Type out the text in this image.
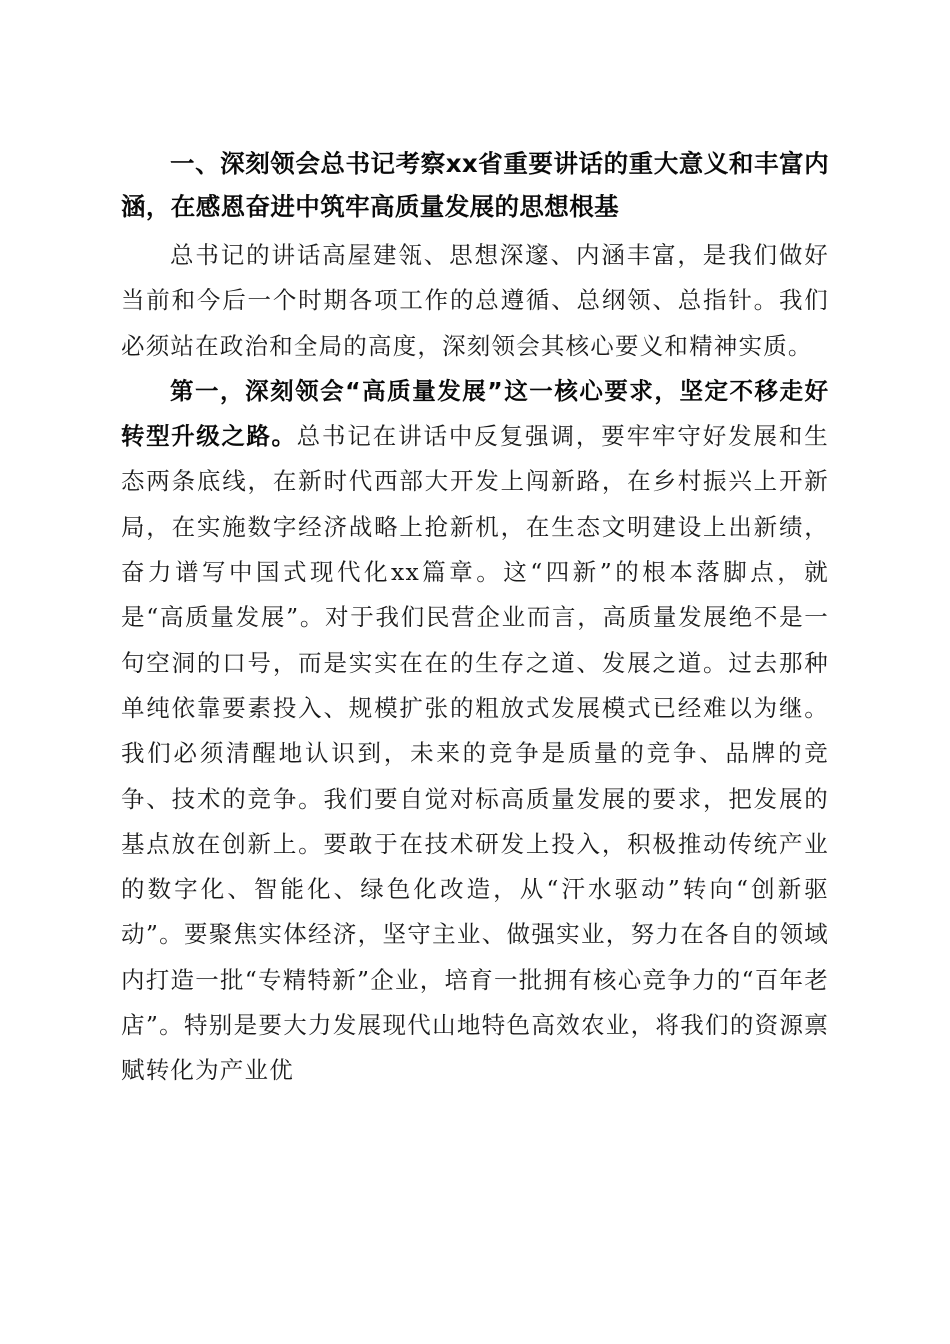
一、深刻领会总书记考察xx省重要讲话的重大意义和丰富内涵，在感恩奋进中筑牢高质量发展的思想根基

总书记的讲话高屋建瓴、思想深邃、内涵丰富，是我们做好当前和今后一个时期各项工作的总遵循、总纲领、总指针。我们必须站在政治和全局的高度，深刻领会其核心要义和精神实质。

第一，深刻领会“高质量发展”这一核心要求，坚定不移走好转型升级之路。总书记在讲话中反复强调，要牢牢守好发展和生态两条底线，在新时代西部大开发上闯新路，在乡村振兴上开新局，在实施数字经济战略上抢新机，在生态文明建设上出新绩，奋力谱写中国式现代化xx篇章。这“四新”的根本落脚点，就是“高质量发展”。对于我们民营企业而言，高质量发展绝不是一句空洞的口号，而是实实在在的生存之道、发展之道。过去那种单纯依靠要素投入、规模扩张的粗放式发展模式已经难以为继。我们必须清醒地认识到，未来的竞争是质量的竞争、品牌的竞争、技术的竞争。我们要自觉对标高质量发展的要求，把发展的基点放在创新上。要敢于在技术研发上投入，积极推动传统产业的数字化、智能化、绿色化改造，从“汗水驱动”转向“创新驱动”。要聚焦实体经济，坚守主业、做强实业，努力在各自的领域内打造一批“专精特新”企业，培育一批拥有核心竞争力的“百年老店”。特别是要大力发展现代山地特色高效农业，将我们的资源禀赋转化为产业优
